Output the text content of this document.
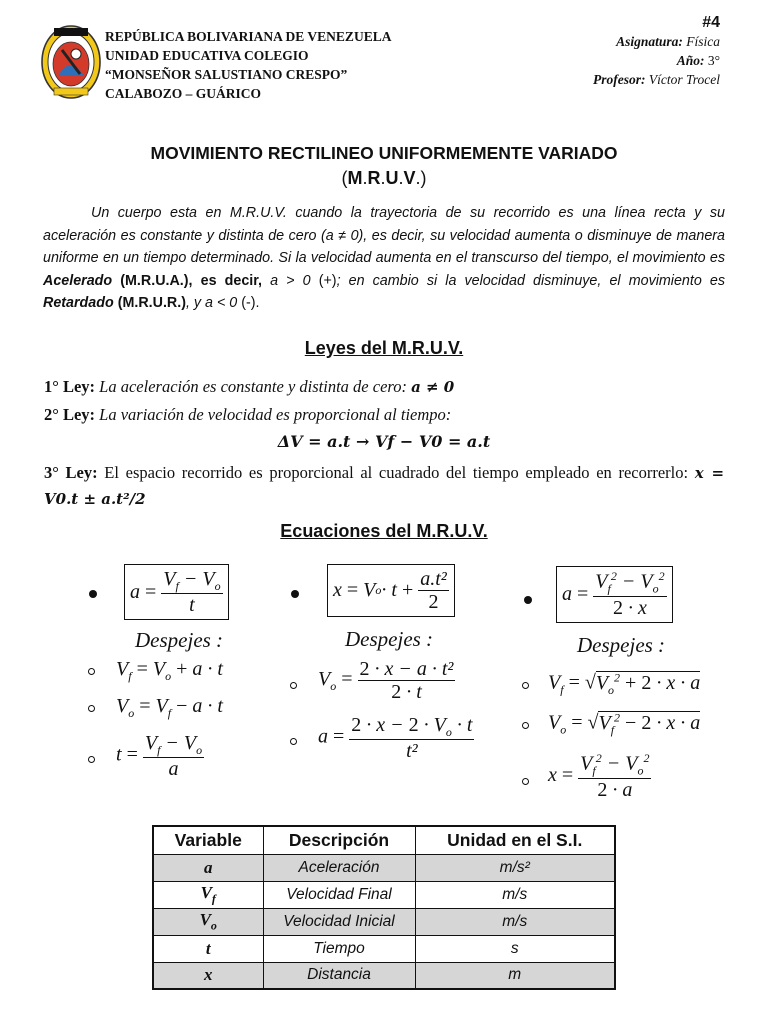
REPÚBLICA BOLIVARIANA DE VENEZUELA
UNIDAD EDUCATIVA COLEGIO
“MONSEÑOR SALUSTIANO CRESPO”
CALABOZO – GUÁRICO
#4
Asignatura: Física
Año: 3°
Profesor: Víctor Trocel
MOVIMIENTO RECTILINEO UNIFORMEMENTE VARIADO
(M.R.U.V.)

Un cuerpo esta en M.R.U.V. cuando la trayectoria de su recorrido es una línea recta y su aceleración es constante y distinta de cero (a ≠ 0), es decir, su velocidad aumenta o disminuye de manera uniforme en un tiempo determinado. Si la velocidad aumenta en el transcurso del tiempo, el movimiento es Acelerado (M.R.U.A.), es decir, a > 0 (+); en cambio si la velocidad disminuye, el movimiento es Retardado (M.R.U.R.), y a < 0 (-).

Leyes del M.R.U.V.
1° Ley: La aceleración es constante y distinta de cero: a ≠ 0
2° Ley: La variación de velocidad es proporcional al tiempo:
ΔV = a.t → Vf − V0 = a.t
3° Ley: El espacio recorrido es proporcional al cuadrado del tiempo empleado en recorrerlo: x = V0.t ± a.t²/2
Ecuaciones del M.R.U.V.
$a = \frac{V_f - V_o}{t}$
Despejes :
$V_f = V_o + a \cdot t$
$V_o = V_f - a \cdot t$
$t = \frac{V_f - V_o}{a}$
x = V $o \cdot t + \frac{\text{a.t²}}{2}$
Despejes :
$V_o = \frac{\text{2 · x − a · t²}}{2 \cdot t}$
$a = \frac{2 \cdot x - 2 \cdot V_o \cdot t}{\text{t²}}$
$a = \frac{V_f^2 - V_o^2}{2 \cdot x}$
Despejes :
$V_f = √V_o^2 + 2 \cdot x \cdot a$
$V_o = √V_f^2 - 2 \cdot x \cdot a$
$x = \frac{V_f^2 - V_o^2}{2 \cdot a}$
Variable	Descripción	Unidad en el S.I.
a	Aceleración	m/s²
$V_f$	Velocidad Final	m/s
$V_o$	Velocidad Inicial	m/s
t	Tiempo	s
x	Distancia	m
